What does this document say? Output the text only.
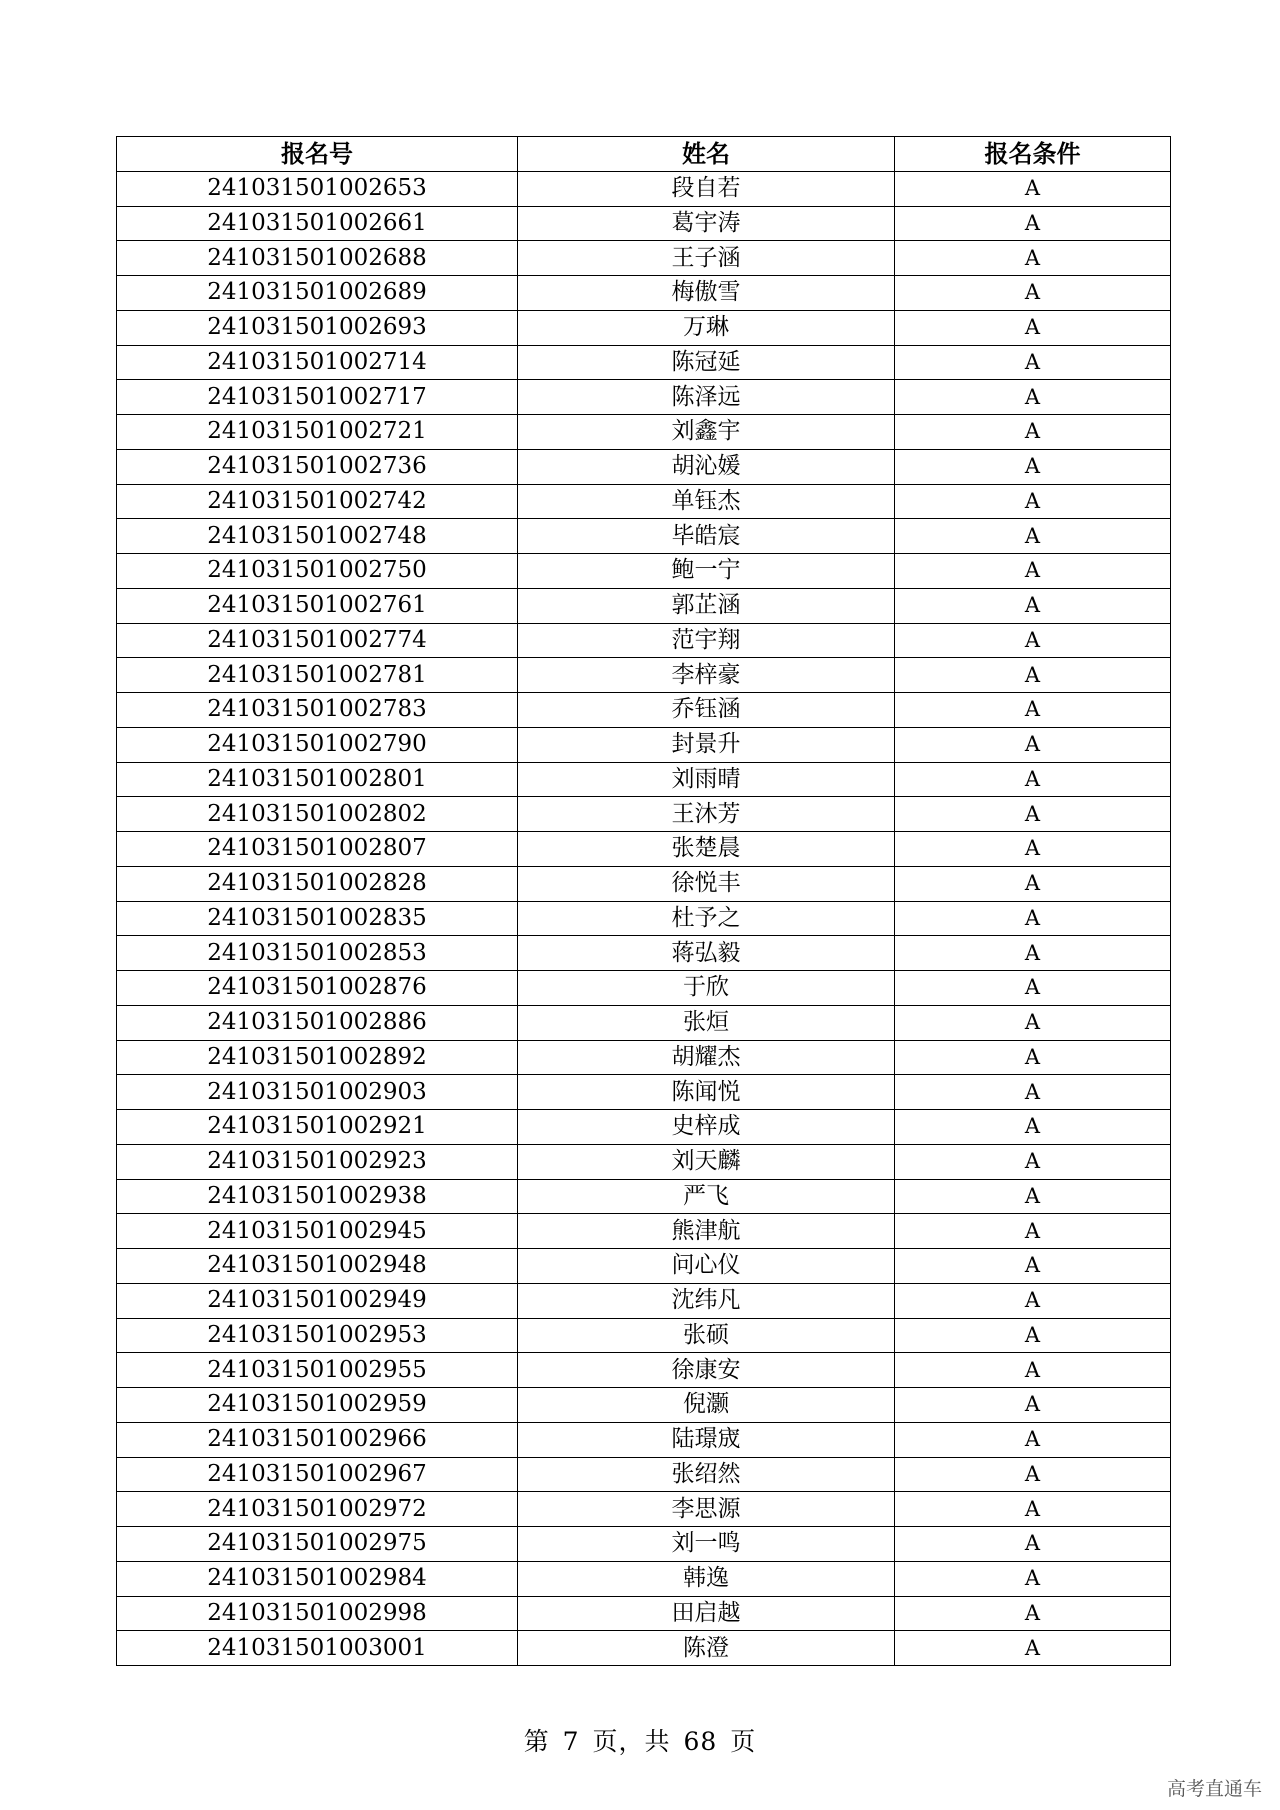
报名号	姓名	报名条件
241031501002653	段自若	A
241031501002661	葛宇涛	A
241031501002688	王子涵	A
241031501002689	梅傲雪	A
241031501002693	万琳	A
241031501002714	陈冠延	A
241031501002717	陈泽远	A
241031501002721	刘鑫宇	A
241031501002736	胡沁媛	A
241031501002742	单钰杰	A
241031501002748	毕皓宸	A
241031501002750	鲍一宁	A
241031501002761	郭芷涵	A
241031501002774	范宇翔	A
241031501002781	李梓豪	A
241031501002783	乔钰涵	A
241031501002790	封景升	A
241031501002801	刘雨晴	A
241031501002802	王沐芳	A
241031501002807	张楚晨	A
241031501002828	徐悦丰	A
241031501002835	杜予之	A
241031501002853	蒋弘毅	A
241031501002876	于欣	A
241031501002886	张烜	A
241031501002892	胡耀杰	A
241031501002903	陈闻悦	A
241031501002921	史梓成	A
241031501002923	刘天麟	A
241031501002938	严飞	A
241031501002945	熊津航	A
241031501002948	问心仪	A
241031501002949	沈纬凡	A
241031501002953	张硕	A
241031501002955	徐康安	A
241031501002959	倪灏	A
241031501002966	陆璟宬	A
241031501002967	张绍然	A
241031501002972	李思源	A
241031501002975	刘一鸣	A
241031501002984	韩逸	A
241031501002998	田启越	A
241031501003001	陈澄	A
第 7 页，共 68 页
高考直通车
